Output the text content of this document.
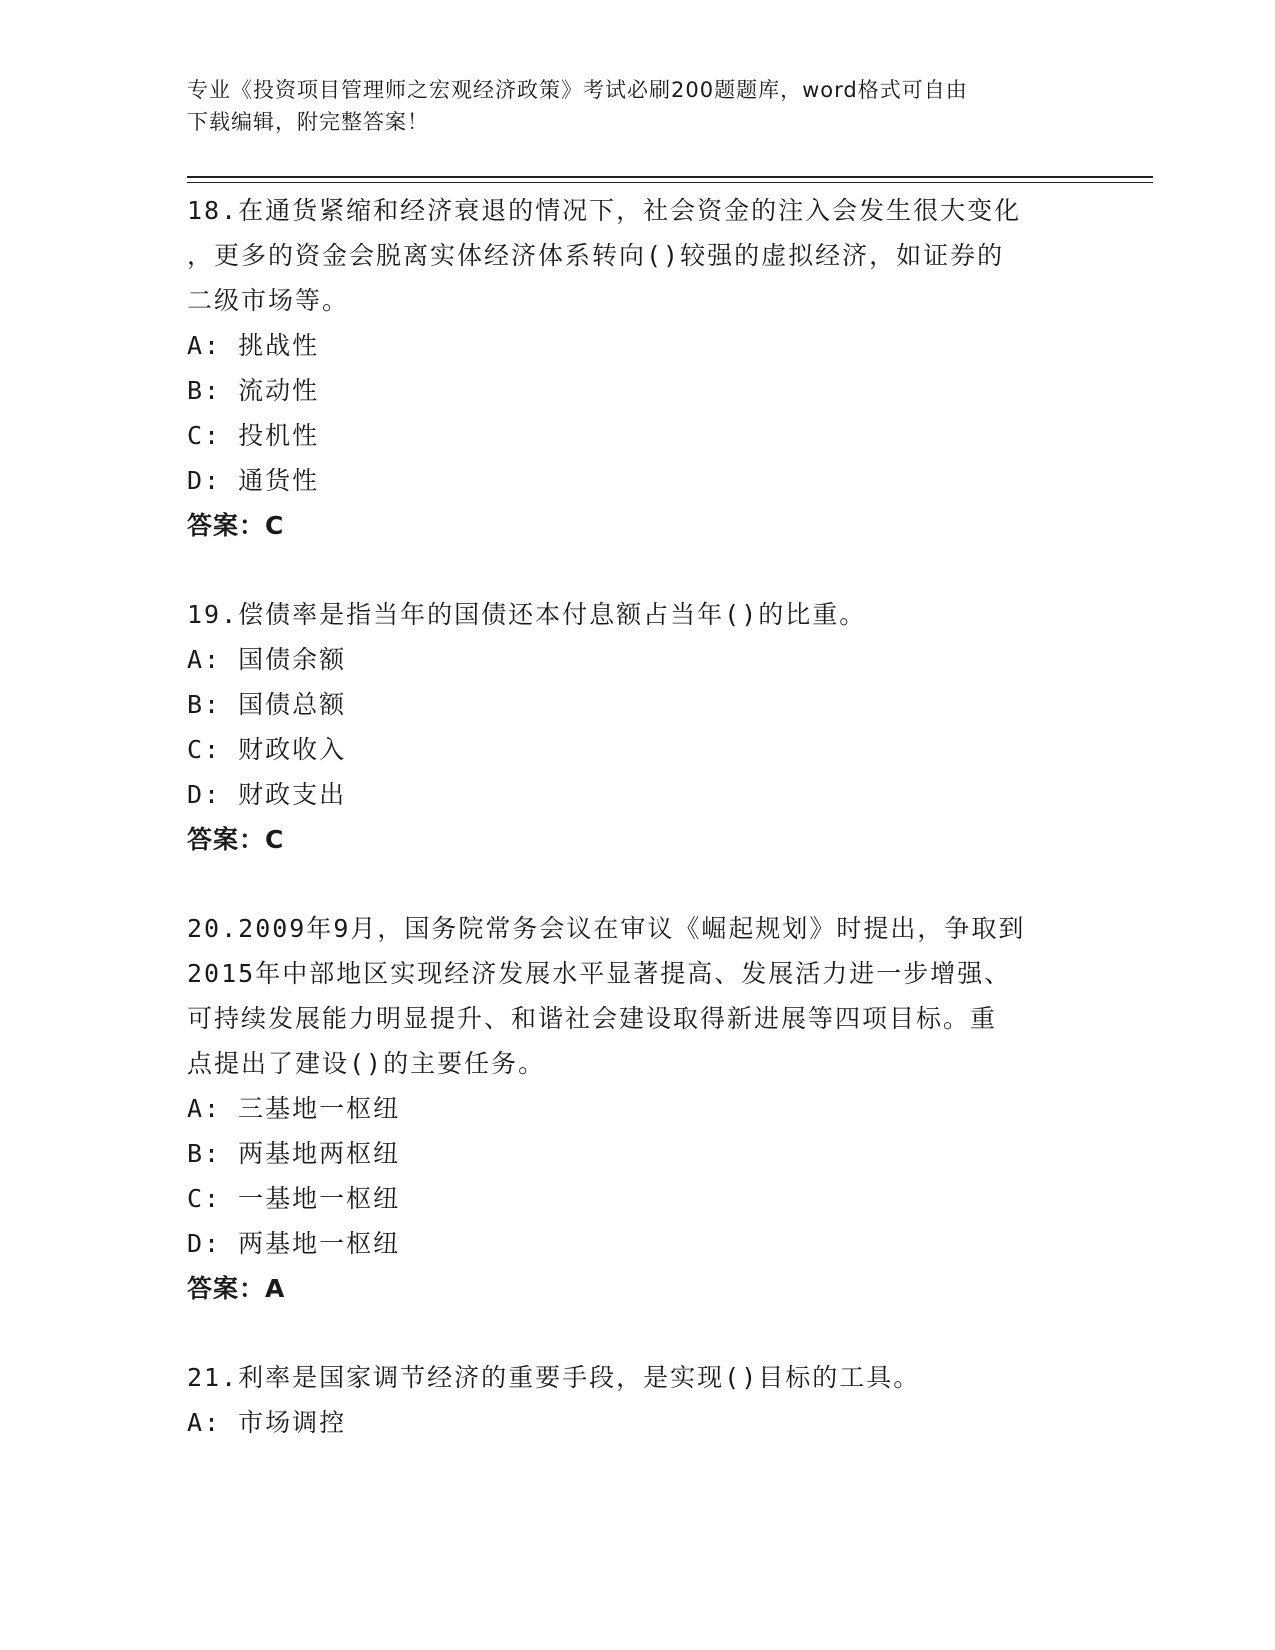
专业《投资项目管理师之宏观经济政策》考试必刷200题题库，word格式可自由
下载编辑，附完整答案！

18.在通货紧缩和经济衰退的情况下，社会资金的注入会发生很大变化

，更多的资金会脱离实体经济体系转向()较强的虚拟经济，如证券的

二级市场等。

A: 挑战性

B: 流动性

C: 投机性

D: 通货性

答案：C

19.偿债率是指当年的国债还本付息额占当年()的比重。

A: 国债余额

B: 国债总额

C: 财政收入

D: 财政支出

答案：C

20.2009年9月，国务院常务会议在审议《崛起规划》时提出，争取到

2015年中部地区实现经济发展水平显著提高、发展活力进一步增强、

可持续发展能力明显提升、和谐社会建设取得新进展等四项目标。重

点提出了建设()的主要任务。

A: 三基地一枢纽

B: 两基地两枢纽

C: 一基地一枢纽

D: 两基地一枢纽

答案：A

21.利率是国家调节经济的重要手段，是实现()目标的工具。

A: 市场调控
